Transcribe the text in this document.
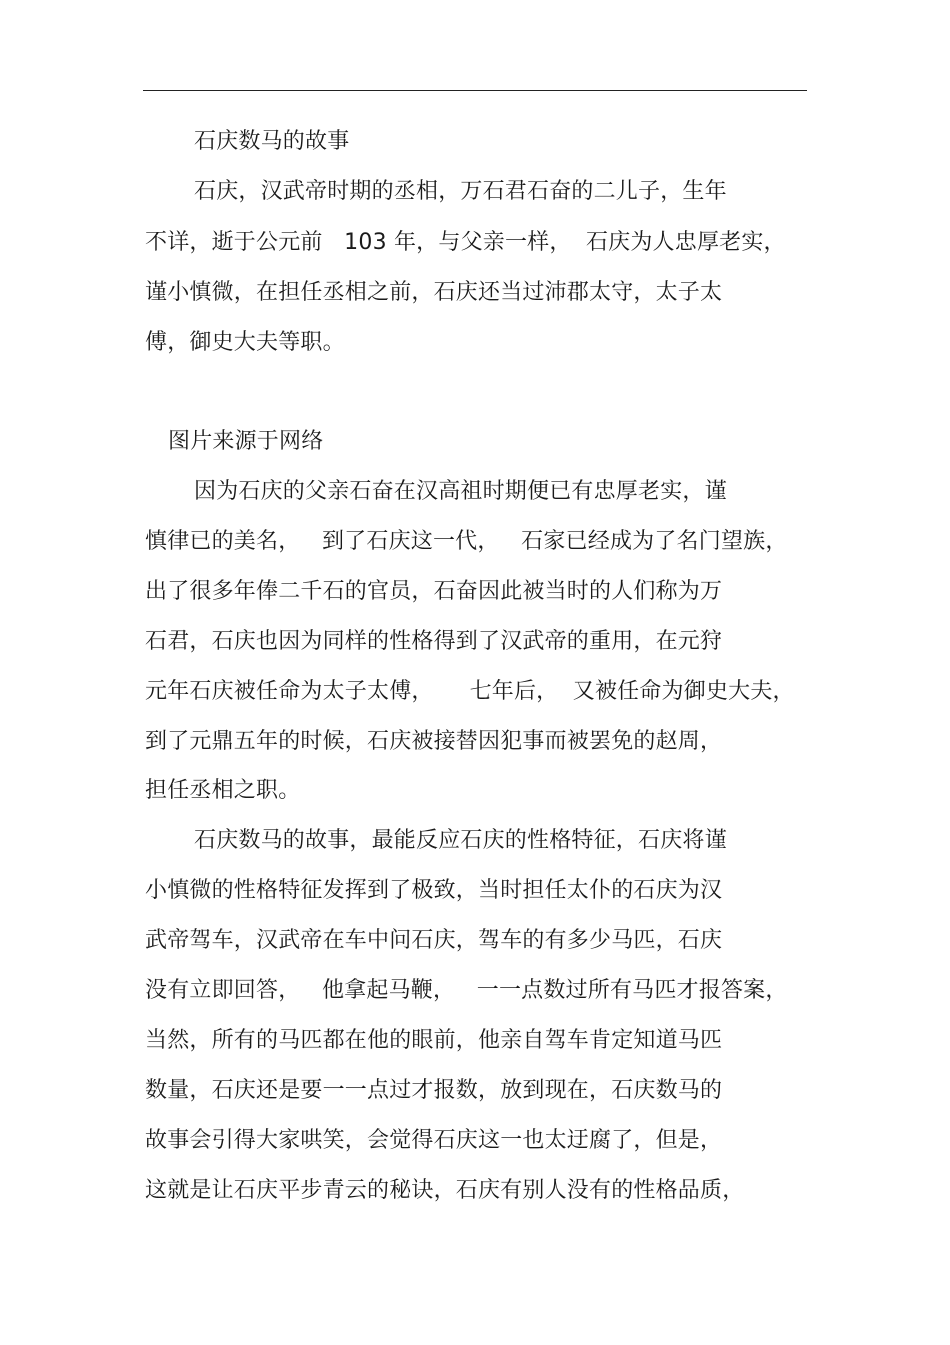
石庆数马的故事
石庆，汉武帝时期的丞相，万石君石奋的二儿子，生年
不详，逝于公元前   103 年，与父亲一样，  石庆为人忠厚老实，
谨小慎微，在担任丞相之前，石庆还当过沛郡太守，太子太
傅，御史大夫等职。
图片来源于网络
因为石庆的父亲石奋在汉高祖时期便已有忠厚老实，谨
慎律已的美名，   到了石庆这一代，   石家已经成为了名门望族，
出了很多年俸二千石的官员，石奋因此被当时的人们称为万
石君，石庆也因为同样的性格得到了汉武帝的重用，在元狩
元年石庆被任命为太子太傅，     七年后，  又被任命为御史大夫，
到了元鼎五年的时候，石庆被接替因犯事而被罢免的赵周，
担任丞相之职。
石庆数马的故事，最能反应石庆的性格特征，石庆将谨
小慎微的性格特征发挥到了极致，当时担任太仆的石庆为汉
武帝驾车，汉武帝在车中问石庆，驾车的有多少马匹，石庆
没有立即回答，   他拿起马鞭，   一一点数过所有马匹才报答案，
当然，所有的马匹都在他的眼前，他亲自驾车肯定知道马匹
数量，石庆还是要一一点过才报数，放到现在，石庆数马的
故事会引得大家哄笑，会觉得石庆这一也太迂腐了，但是，
这就是让石庆平步青云的秘诀，石庆有别人没有的性格品质，
